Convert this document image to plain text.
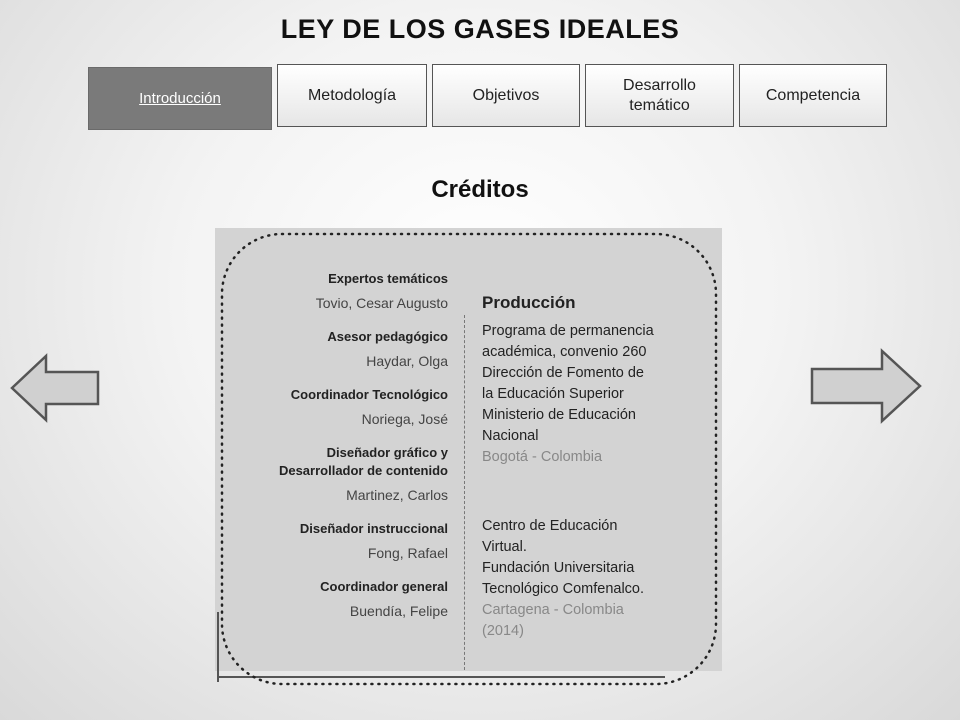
LEY DE LOS GASES IDEALES
Introducción	Metodología	Objetivos
Desarrollo temático
Competencia
Créditos
Expertos temáticos
Tovio, Cesar Augusto
Asesor pedagógico
Haydar, Olga
Coordinador Tecnológico
Noriega, José
Diseñador gráfico y Desarrollador de contenido
Martinez, Carlos
Diseñador instruccional
Fong, Rafael
Coordinador general
Buendía, Felipe
Producción
Programa de permanencia
académica, convenio 260
Dirección de Fomento de
la Educación Superior
Ministerio de Educación
Nacional
Bogotá - Colombia
Centro de Educación
Virtual.
Fundación Universitaria
Tecnológico Comfenalco.
Cartagena - Colombia
(2014)
